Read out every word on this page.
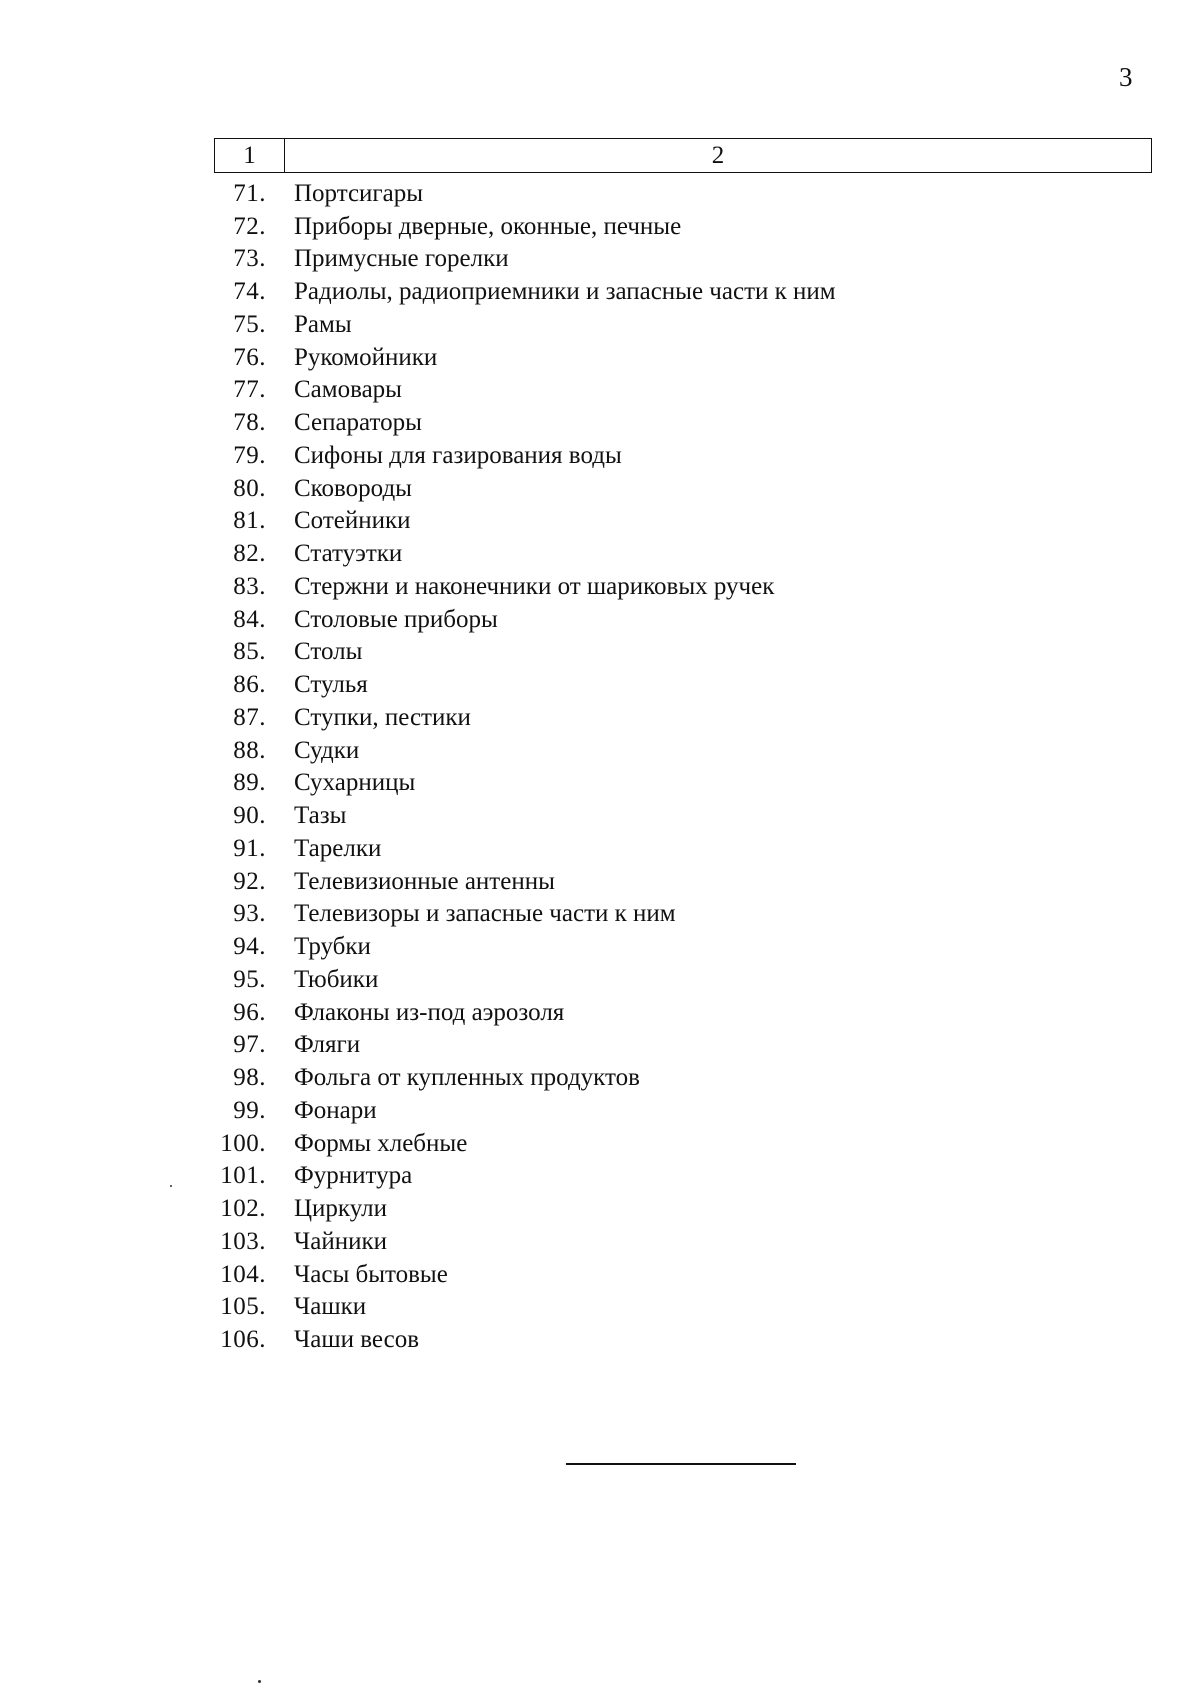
3
1	2
71.	Портсигары
72.	Приборы дверные, оконные, печные
73.	Примусные горелки
74.	Радиолы, радиоприемники и запасные части к ним
75.	Рамы
76.	Рукомойники
77.	Самовары
78.	Сепараторы
79.	Сифоны для газирования воды
80.	Сковороды
81.	Сотейники
82.	Статуэтки
83.	Стержни и наконечники от шариковых ручек
84.	Столовые приборы
85.	Столы
86.	Стулья
87.	Ступки, пестики
88.	Судки
89.	Сухарницы
90.	Тазы
91.	Тарелки
92.	Телевизионные антенны
93.	Телевизоры и запасные части к ним
94.	Трубки
95.	Тюбики
96.	Флаконы из-под аэрозоля
97.	Фляги
98.	Фольга от купленных продуктов
99.	Фонари
100.	Формы хлебные
101.	Фурнитура
102.	Циркули
103.	Чайники
104.	Часы бытовые
105.	Чашки
106.	Чаши весов
